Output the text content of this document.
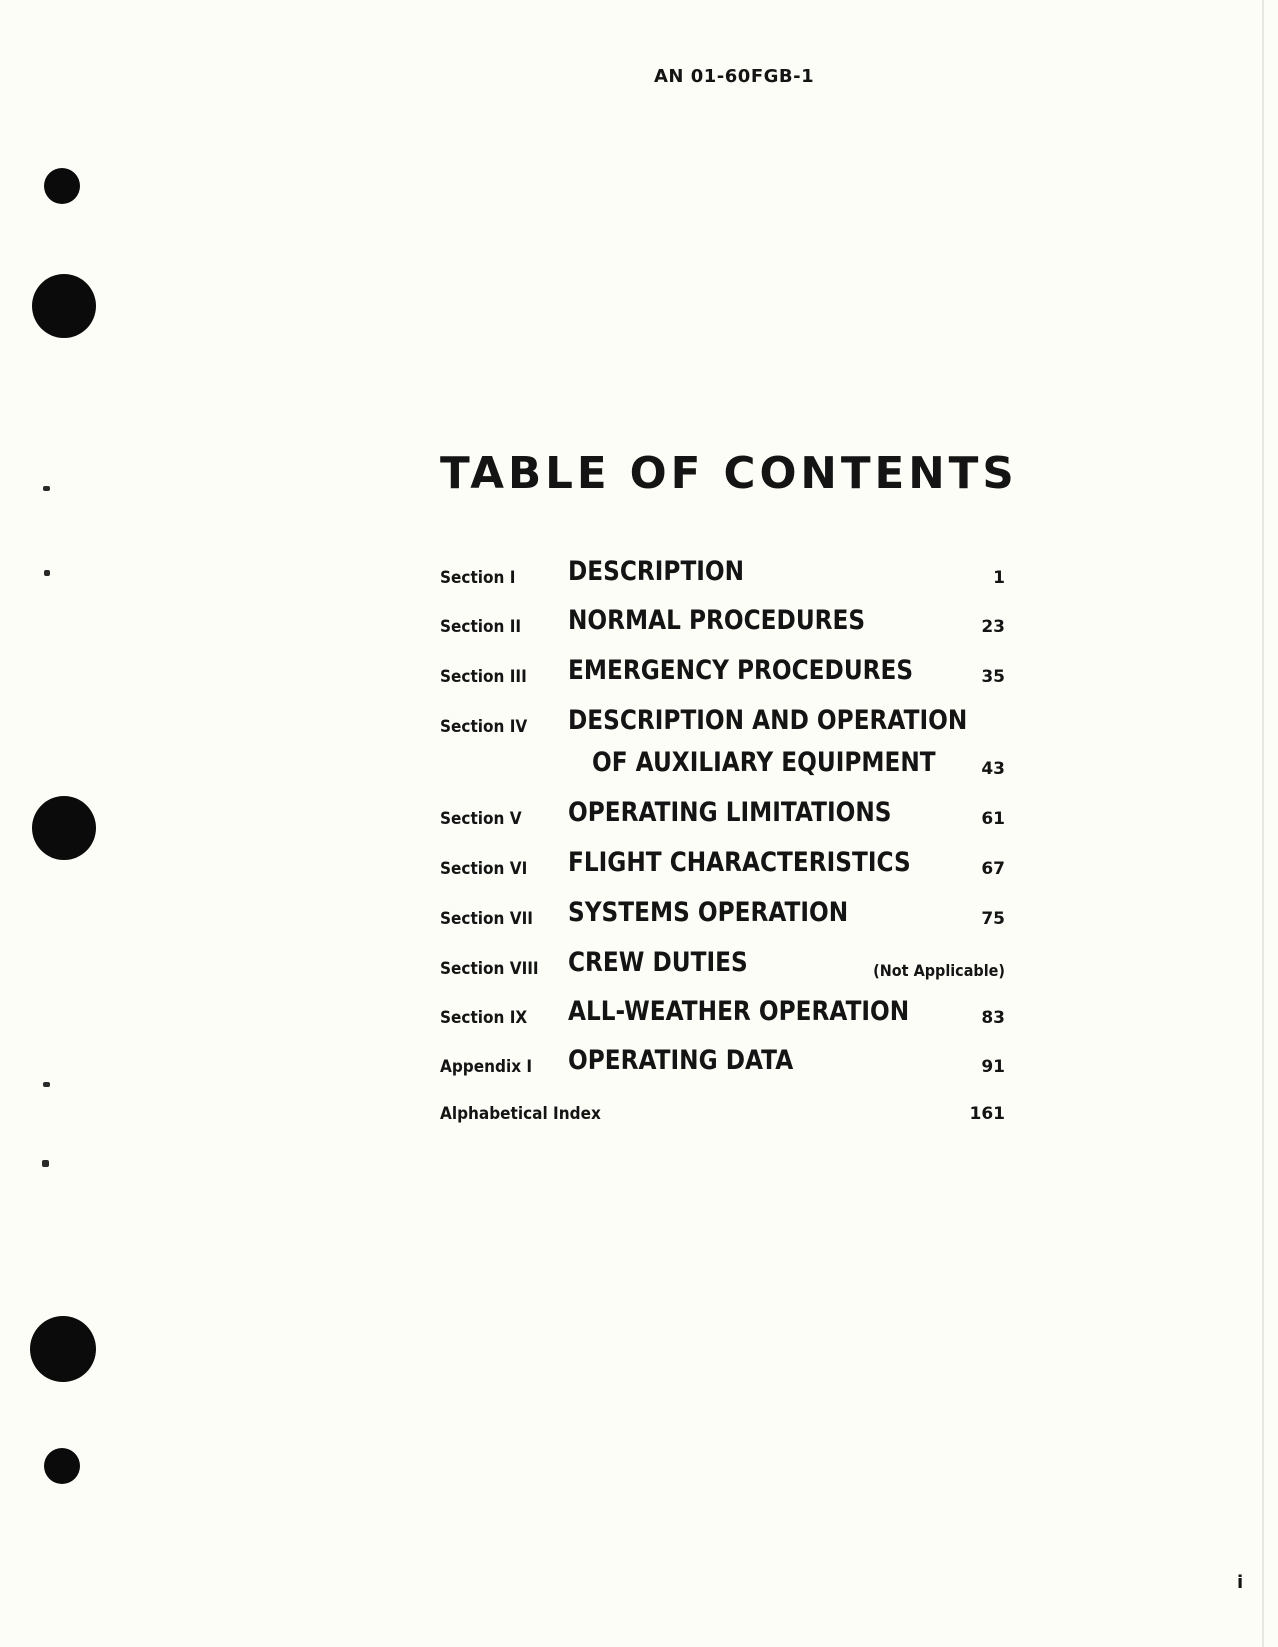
AN 01-60FGB-1
TABLE OF CONTENTS
Section I DESCRIPTION	1
Section II NORMAL PROCEDURES	23
Section III EMERGENCY PROCEDURES	35
Section IV DESCRIPTION AND OPERATION
OF AUXILIARY EQUIPMENT	43
Section V OPERATING LIMITATIONS	61
Section VI FLIGHT CHARACTERISTICS	67
Section VII SYSTEMS OPERATION	75
Section VIII CREW DUTIES	(Not Applicable)
Section IX ALL-WEATHER OPERATION	83
Appendix I OPERATING DATA	91
Alphabetical Index	161
i
